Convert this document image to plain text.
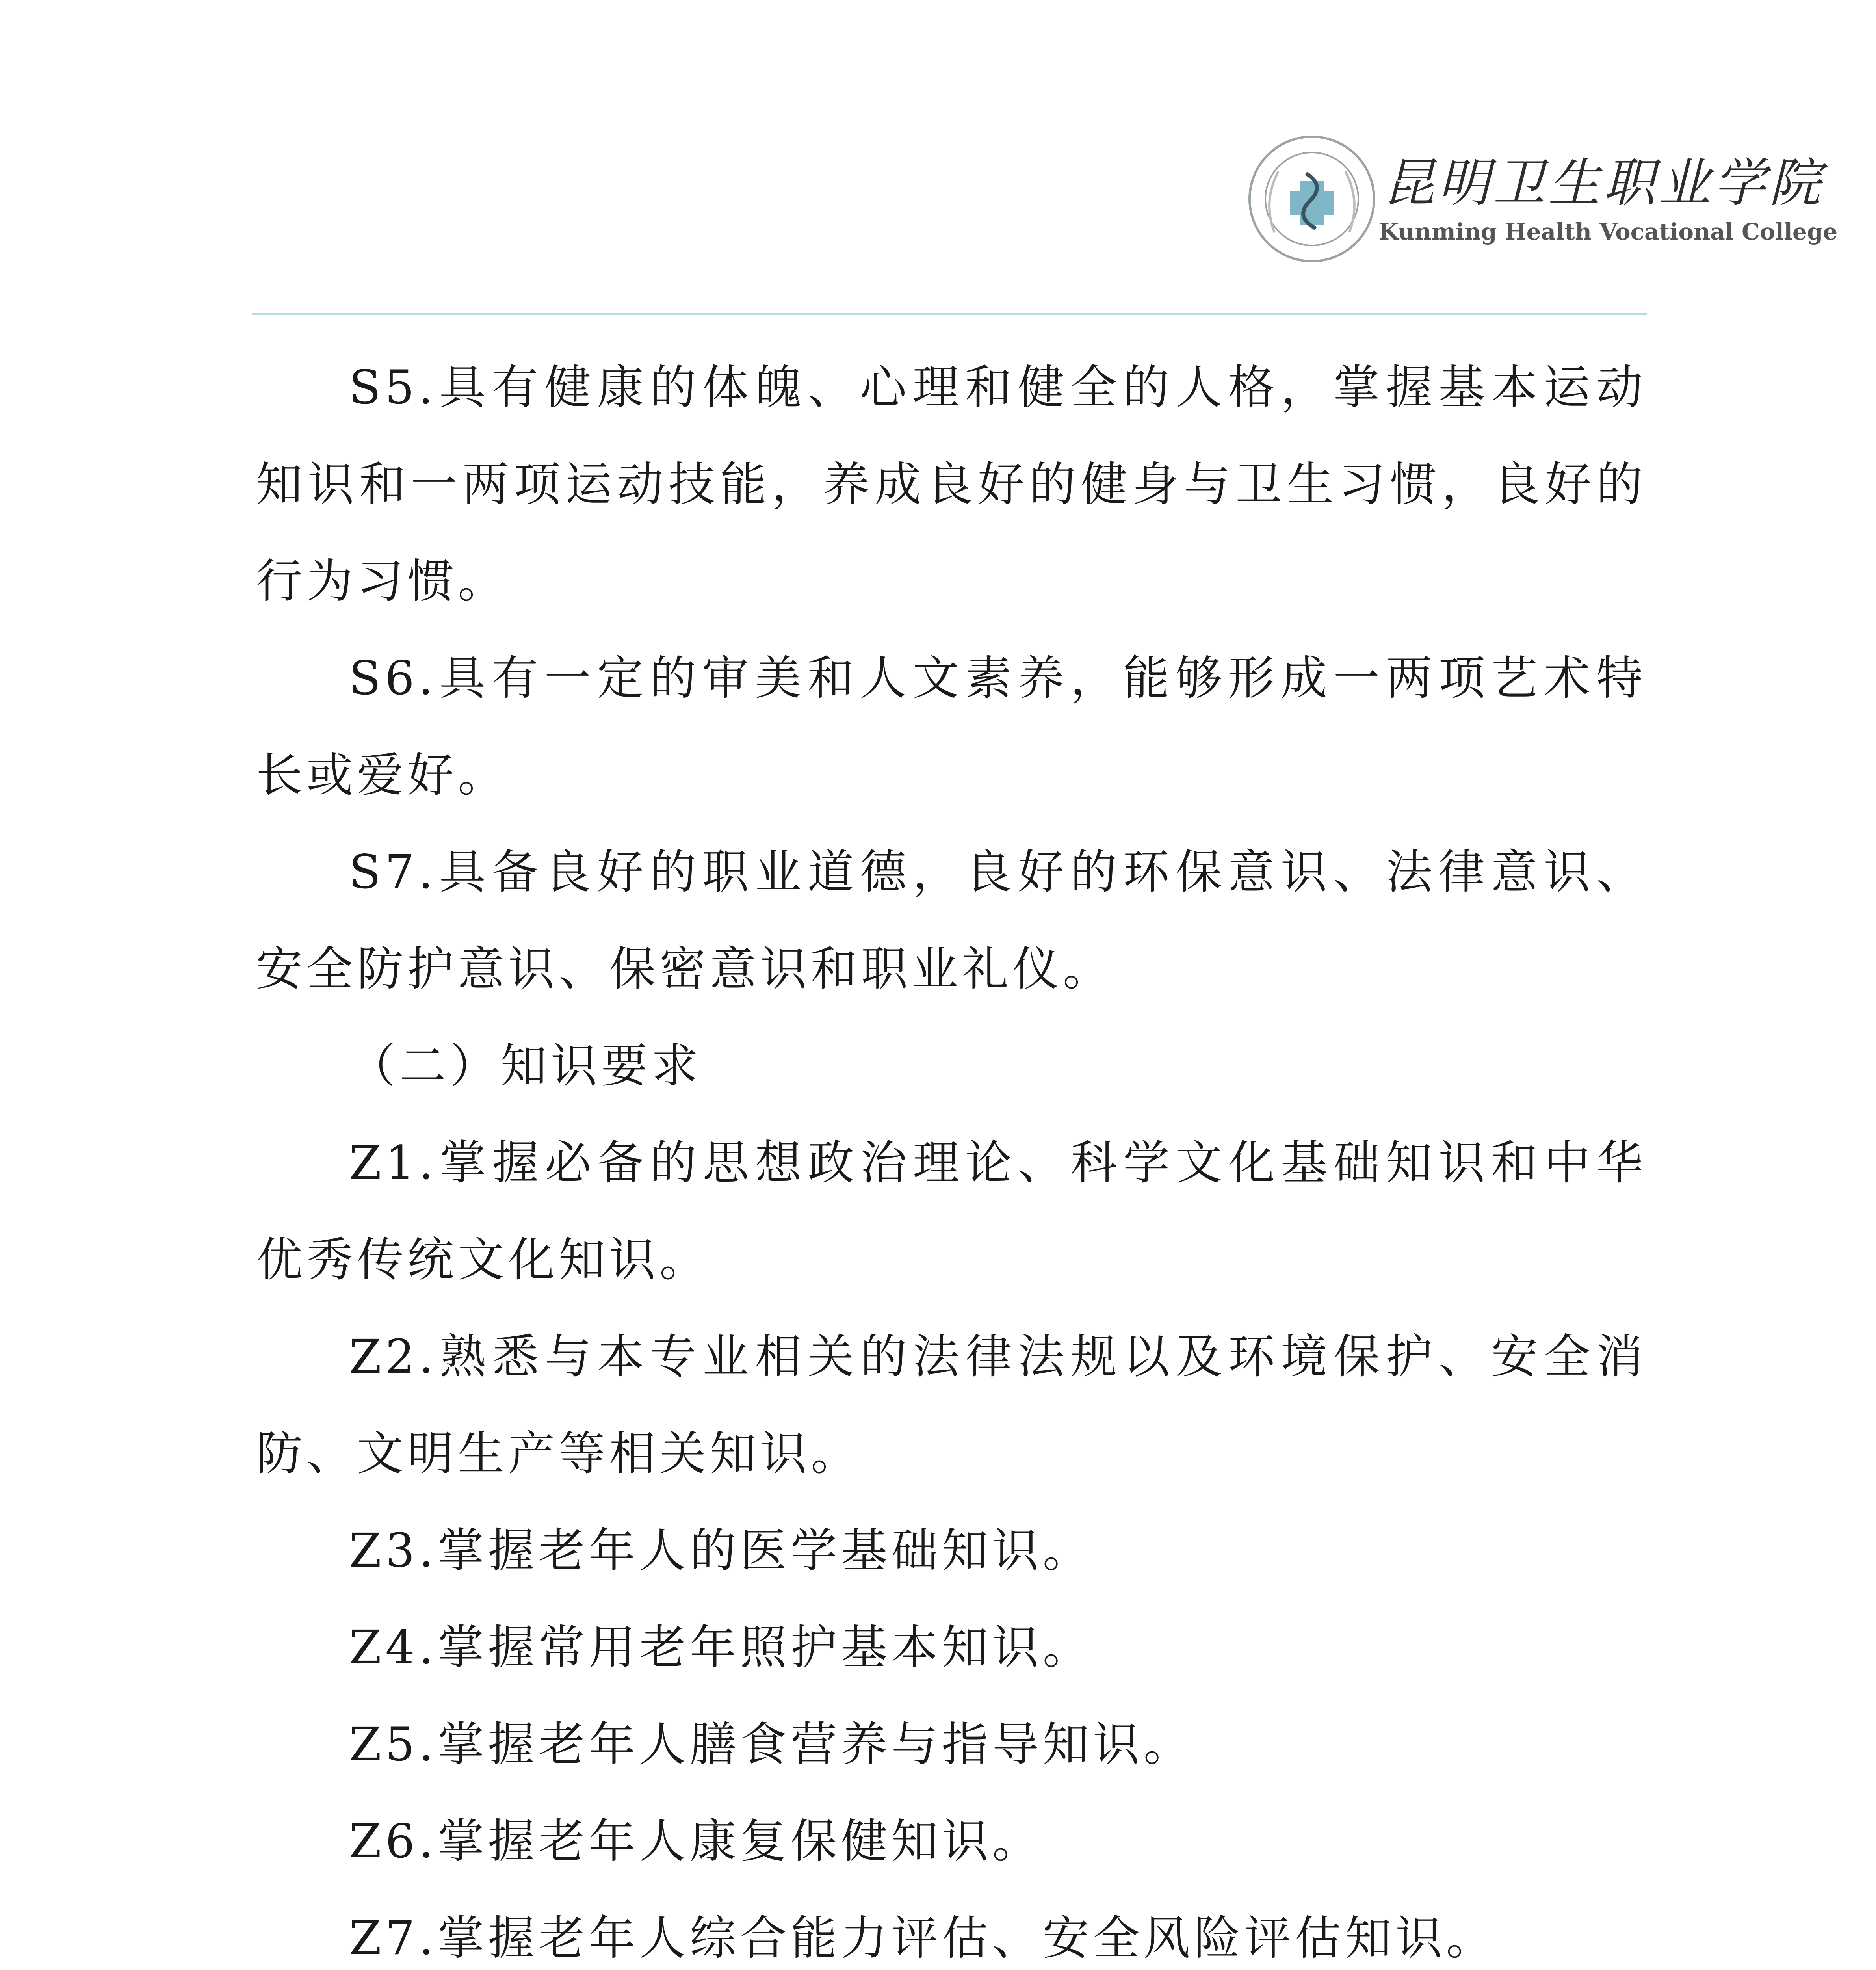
昆明卫生职业学院
Kunming Health Vocational College

S5.具有健康的体魄、心理和健全的人格，掌握基本运动知识和一两项运动技能，养成良好的健身与卫生习惯，良好的行为习惯。

S6.具有一定的审美和人文素养，能够形成一两项艺术特长或爱好。

S7.具备良好的职业道德，良好的环保意识、法律意识、安全防护意识、保密意识和职业礼仪。

（二）知识要求

Z1.掌握必备的思想政治理论、科学文化基础知识和中华优秀传统文化知识。

Z2.熟悉与本专业相关的法律法规以及环境保护、安全消防、文明生产等相关知识。

Z3.掌握老年人的医学基础知识。

Z4.掌握常用老年照护基本知识。

Z5.掌握老年人膳食营养与指导知识。

Z6.掌握老年人康复保健知识。

Z7.掌握老年人综合能力评估、安全风险评估知识。
